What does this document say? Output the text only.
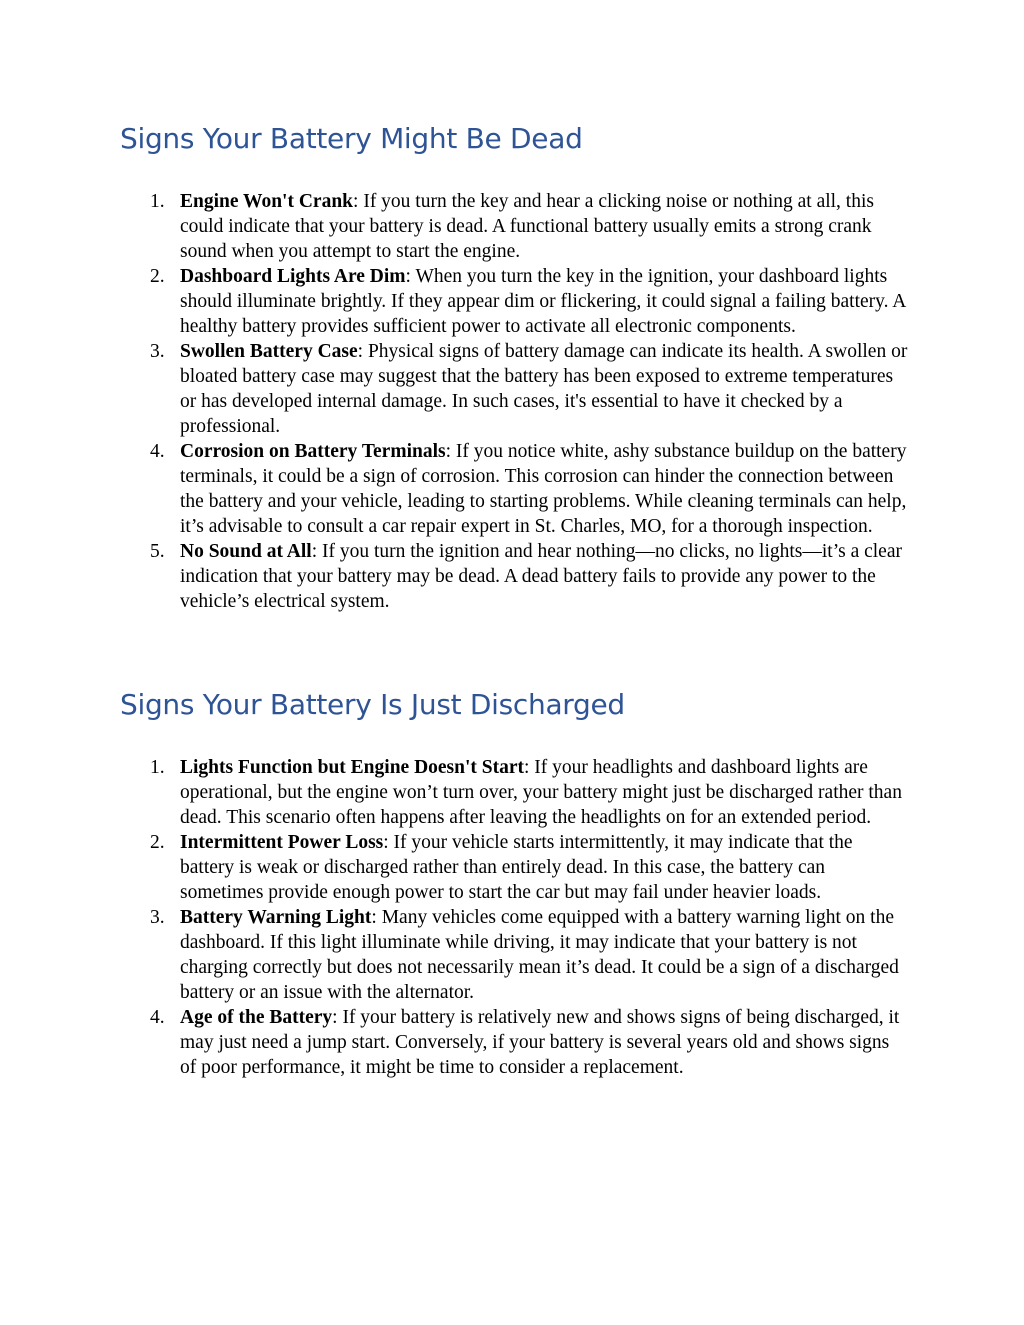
Signs Your Battery Might Be Dead
1. Engine Won't Crank: If you turn the key and hear a clicking noise or nothing at all, this could indicate that your battery is dead. A functional battery usually emits a strong crank sound when you attempt to start the engine.
2. Dashboard Lights Are Dim: When you turn the key in the ignition, your dashboard lights should illuminate brightly. If they appear dim or flickering, it could signal a failing battery. A healthy battery provides sufficient power to activate all electronic components.
3. Swollen Battery Case: Physical signs of battery damage can indicate its health. A swollen or bloated battery case may suggest that the battery has been exposed to extreme temperatures or has developed internal damage. In such cases, it's essential to have it checked by a professional.
4. Corrosion on Battery Terminals: If you notice white, ashy substance buildup on the battery terminals, it could be a sign of corrosion. This corrosion can hinder the connection between the battery and your vehicle, leading to starting problems. While cleaning terminals can help, it’s advisable to consult a car repair expert in St. Charles, MO, for a thorough inspection.
5. No Sound at All: If you turn the ignition and hear nothing—no clicks, no lights—it’s a clear indication that your battery may be dead. A dead battery fails to provide any power to the vehicle’s electrical system.
Signs Your Battery Is Just Discharged
1. Lights Function but Engine Doesn't Start: If your headlights and dashboard lights are operational, but the engine won’t turn over, your battery might just be discharged rather than dead. This scenario often happens after leaving the headlights on for an extended period.
2. Intermittent Power Loss: If your vehicle starts intermittently, it may indicate that the battery is weak or discharged rather than entirely dead. In this case, the battery can sometimes provide enough power to start the car but may fail under heavier loads.
3. Battery Warning Light: Many vehicles come equipped with a battery warning light on the dashboard. If this light illuminate while driving, it may indicate that your battery is not charging correctly but does not necessarily mean it’s dead. It could be a sign of a discharged battery or an issue with the alternator.
4. Age of the Battery: If your battery is relatively new and shows signs of being discharged, it may just need a jump start. Conversely, if your battery is several years old and shows signs of poor performance, it might be time to consider a replacement.
